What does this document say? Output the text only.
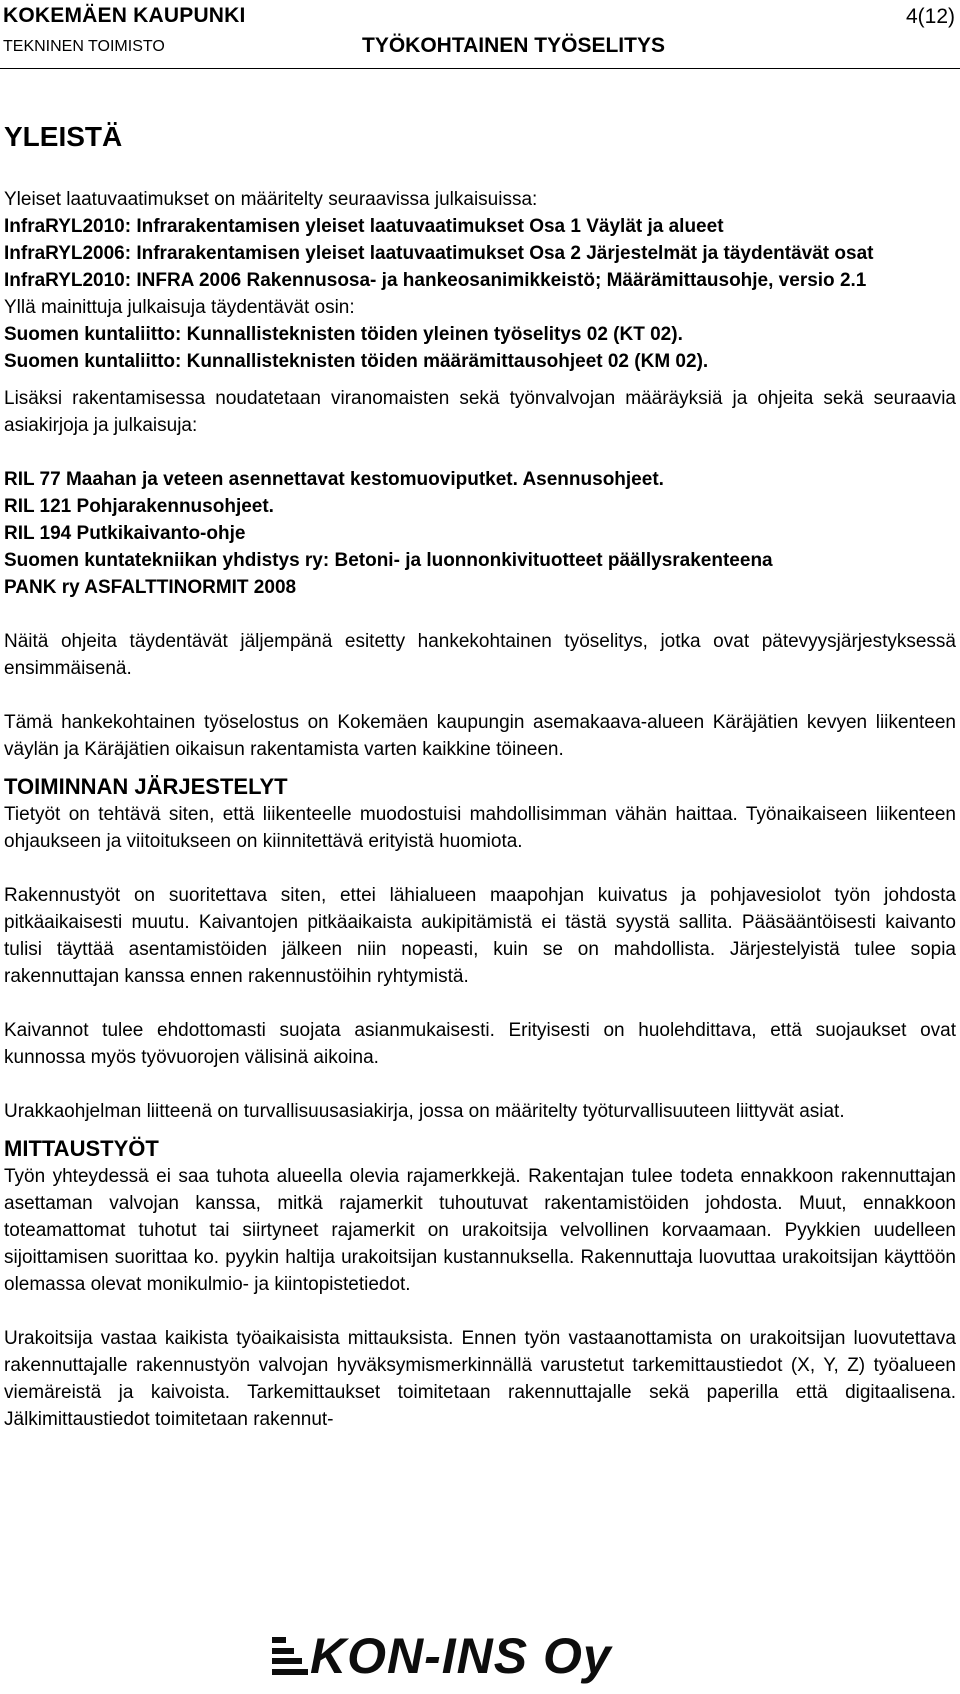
KOKEMÄEN KAUPUNKI	4(12)
TEKNINEN TOIMISTO	TYÖKOHTAINEN TYÖSELITYS

YLEISTÄ

Yleiset laatuvaatimukset on määritelty seuraavissa julkaisuissa:

InfraRYL2010: Infrarakentamisen yleiset laatuvaatimukset Osa 1 Väylät ja alueet

InfraRYL2006: Infrarakentamisen yleiset laatuvaatimukset Osa 2 Järjestelmät ja täydentävät osat

InfraRYL2010: INFRA 2006 Rakennusosa- ja hankeosanimikkeistö; Määrämittausohje, versio 2.1

Yllä mainittuja julkaisuja täydentävät osin:

Suomen kuntaliitto: Kunnallisteknisten töiden yleinen työselitys 02 (KT 02).

Suomen kuntaliitto: Kunnallisteknisten töiden määrämittausohjeet 02 (KM 02).

Lisäksi rakentamisessa noudatetaan viranomaisten sekä työnvalvojan määräyksiä ja ohjeita sekä seuraavia asiakirjoja ja julkaisuja:

RIL 77 Maahan ja veteen asennettavat kestomuoviputket. Asennusohjeet.

RIL 121 Pohjarakennusohjeet.

RIL 194 Putkikaivanto-ohje

Suomen kuntatekniikan yhdistys ry: Betoni- ja luonnonkivituotteet päällysrakenteena

PANK ry ASFALTTINORMIT 2008

Näitä ohjeita täydentävät jäljempänä esitetty hankekohtainen työselitys, jotka ovat pätevyysjärjestyksessä ensimmäisenä.

Tämä hankekohtainen työselostus on Kokemäen kaupungin asemakaava-alueen Käräjätien kevyen liikenteen väylän ja Käräjätien oikaisun rakentamista varten kaikkine töineen.

TOIMINNAN JÄRJESTELYT

Tietyöt on tehtävä siten, että liikenteelle muodostuisi mahdollisimman vähän haittaa. Työnaikaiseen liikenteen ohjaukseen ja viitoitukseen on kiinnitettävä erityistä huomiota.

Rakennustyöt on suoritettava siten, ettei lähialueen maapohjan kuivatus ja pohjavesiolot työn johdosta pitkäaikaisesti muutu. Kaivantojen pitkäaikaista aukipitämistä ei tästä syystä sallita. Pääsääntöisesti kaivanto tulisi täyttää asentamistöiden jälkeen niin nopeasti, kuin se on mahdollista. Järjestelyistä tulee sopia rakennuttajan kanssa ennen rakennustöihin ryhtymistä.

Kaivannot tulee ehdottomasti suojata asianmukaisesti. Erityisesti on huolehdittava, että suojaukset ovat kunnossa myös työvuorojen välisinä aikoina.

Urakkaohjelman liitteenä on turvallisuusasiakirja, jossa on määritelty työturvallisuuteen liittyvät asiat.

MITTAUSTYÖT

Työn yhteydessä ei saa tuhota alueella olevia rajamerkkejä. Rakentajan tulee todeta ennakkoon rakennuttajan asettaman valvojan kanssa, mitkä rajamerkit tuhoutuvat rakentamistöiden johdosta. Muut, ennakkoon toteamattomat tuhotut tai siirtyneet rajamerkit on urakoitsija velvollinen korvaamaan. Pyykkien uudelleen sijoittamisen suorittaa ko. pyykin haltija urakoitsijan kustannuksella. Rakennuttaja luovuttaa urakoitsijan käyttöön olemassa olevat monikulmio- ja kiintopistetiedot.

Urakoitsija vastaa kaikista työaikaisista mittauksista. Ennen työn vastaanottamista on urakoitsijan luovutettava rakennuttajalle rakennustyön valvojan hyväksymismerkinnällä varustetut tarkemittaustiedot (X, Y, Z) työalueen viemäreistä ja kaivoista. Tarkemittaukset toimitetaan rakennuttajalle sekä paperilla että digitaalisena. Jälkimittaustiedot toimitetaan rakennut-

KON-INS Oy
